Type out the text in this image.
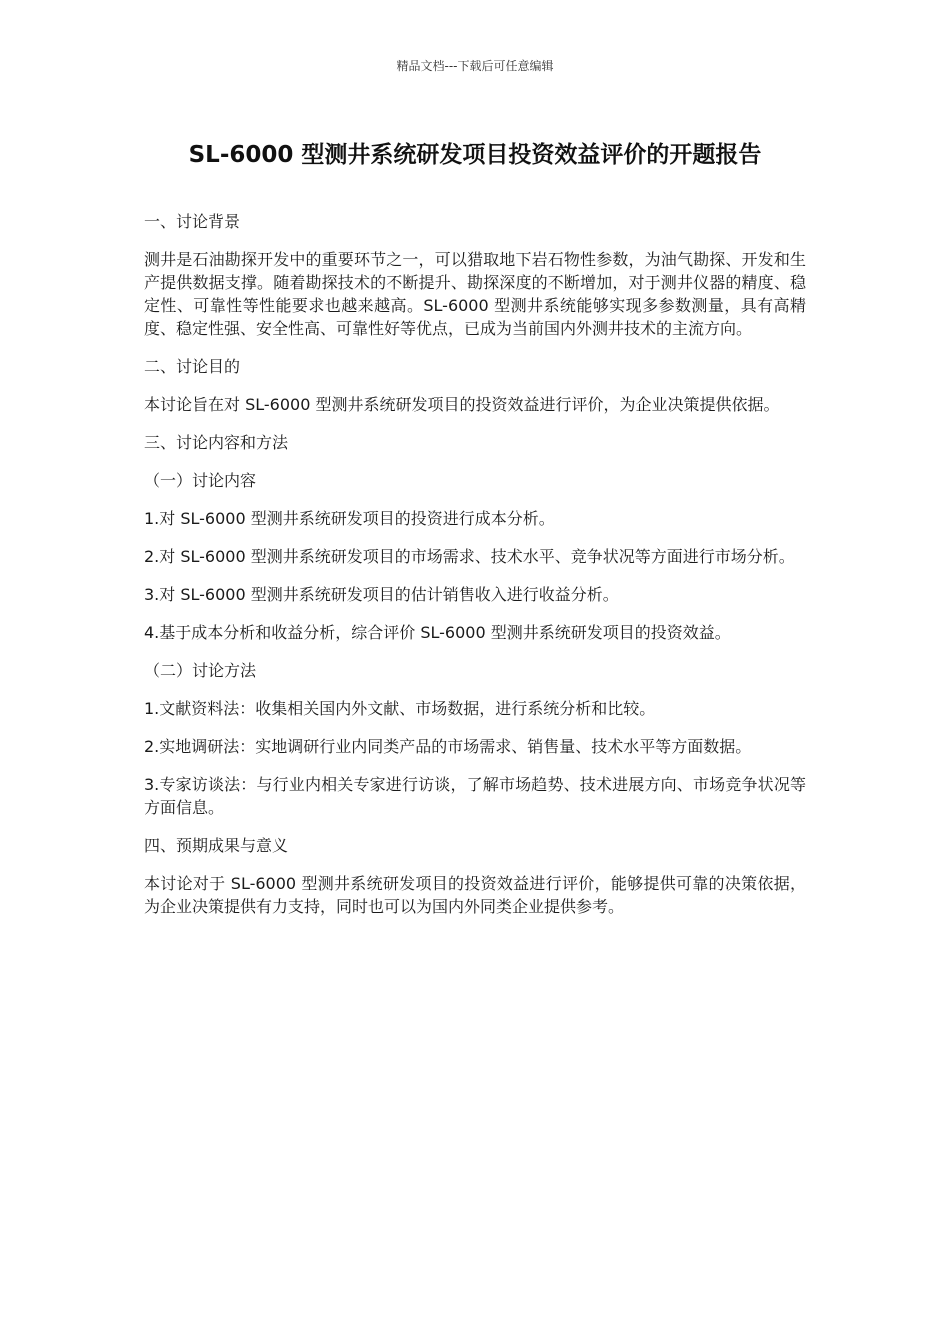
精品文档---下载后可任意编辑
SL-6000 型测井系统研发项目投资效益评价的开题报告

一、讨论背景

测井是石油勘探开发中的重要环节之一，可以猎取地下岩石物性参数，为油气勘探、开发和生产提供数据支撑。随着勘探技术的不断提升、勘探深度的不断增加，对于测井仪器的精度、稳定性、可靠性等性能要求也越来越高。SL-6000 型测井系统能够实现多参数测量，具有高精度、稳定性强、安全性高、可靠性好等优点，已成为当前国内外测井技术的主流方向。

二、讨论目的

本讨论旨在对 SL-6000 型测井系统研发项目的投资效益进行评价，为企业决策提供依据。

三、讨论内容和方法

（一）讨论内容

1.对 SL-6000 型测井系统研发项目的投资进行成本分析。

2.对 SL-6000 型测井系统研发项目的市场需求、技术水平、竞争状况等方面进行市场分析。

3.对 SL-6000 型测井系统研发项目的估计销售收入进行收益分析。

4.基于成本分析和收益分析，综合评价 SL-6000 型测井系统研发项目的投资效益。

（二）讨论方法

1.文献资料法：收集相关国内外文献、市场数据，进行系统分析和比较。

2.实地调研法：实地调研行业内同类产品的市场需求、销售量、技术水平等方面数据。

3.专家访谈法：与行业内相关专家进行访谈，了解市场趋势、技术进展方向、市场竞争状况等方面信息。

四、预期成果与意义

本讨论对于 SL-6000 型测井系统研发项目的投资效益进行评价，能够提供可靠的决策依据，为企业决策提供有力支持，同时也可以为国内外同类企业提供参考。
